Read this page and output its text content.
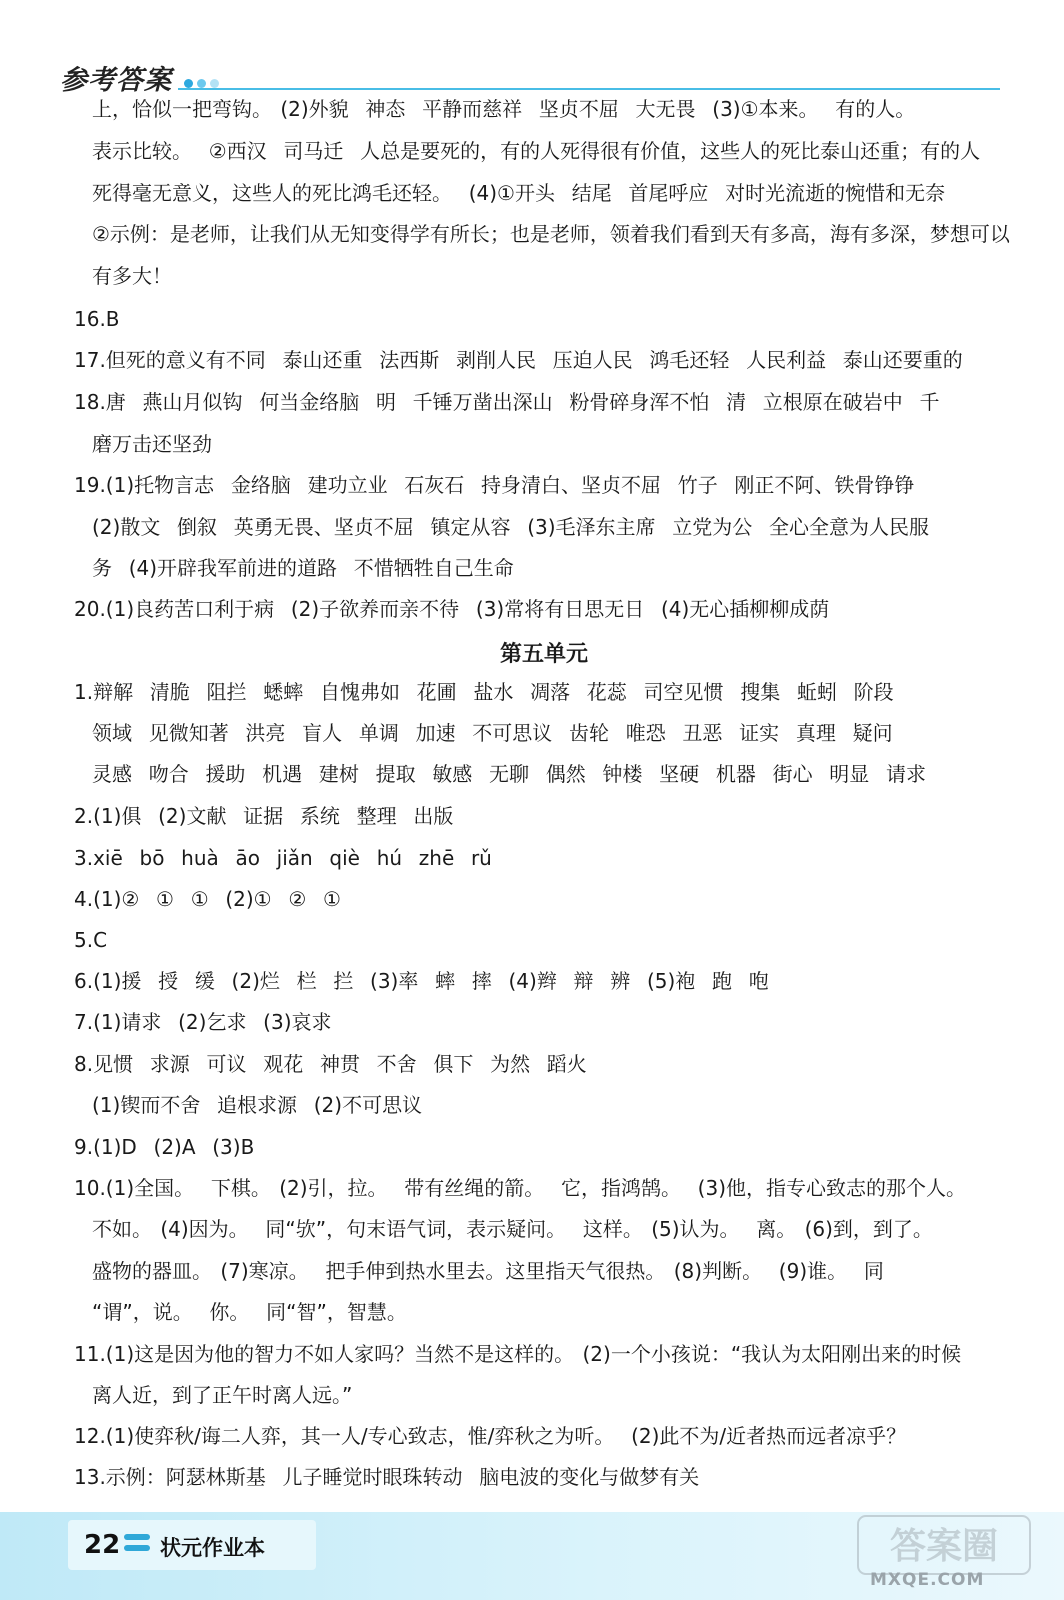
参考答案
上，恰似一把弯钩。 (2)外貌  神态  平静而慈祥  坚贞不屈  大无畏  (3)①本来。  有的人。
表示比较。  ②西汉  司马迁  人总是要死的，有的人死得很有价值，这些人的死比泰山还重；有的人
死得毫无意义，这些人的死比鸿毛还轻。  (4)①开头  结尾  首尾呼应  对时光流逝的惋惜和无奈
②示例：是老师，让我们从无知变得学有所长；也是老师，领着我们看到天有多高，海有多深，梦想可以
有多大！
16.B
17.但死的意义有不同  泰山还重  法西斯  剥削人民  压迫人民  鸿毛还轻  人民利益  泰山还要重的
18.唐  燕山月似钩  何当金络脑  明  千锤万凿出深山  粉骨碎身浑不怕  清  立根原在破岩中  千
磨万击还坚劲
19.(1)托物言志  金络脑  建功立业  石灰石  持身清白、坚贞不屈  竹子  刚正不阿、铁骨铮铮
(2)散文  倒叙  英勇无畏、坚贞不屈  镇定从容  (3)毛泽东主席  立党为公  全心全意为人民服
务  (4)开辟我军前进的道路  不惜牺牲自己生命
20.(1)良药苦口利于病  (2)子欲养而亲不待  (3)常将有日思无日  (4)无心插柳柳成荫
第五单元
1.辩解  清脆  阻拦  蟋蟀  自愧弗如  花圃  盐水  凋落  花蕊  司空见惯  搜集  蚯蚓  阶段
领域  见微知著  洪亮  盲人  单调  加速  不可思议  齿轮  唯恐  丑恶  证实  真理  疑问
灵感  吻合  援助  机遇  建树  提取  敏感  无聊  偶然  钟楼  坚硬  机器  街心  明显  请求
2.(1)俱  (2)文献  证据  系统  整理  出版
3.xiē  bō  huà  āo  jiǎn  qiè  hú  zhē  rǔ
4.(1)②  ①  ①  (2)①  ②  ①
5.C
6.(1)援  授  缓  (2)烂  栏  拦  (3)率  蟀  摔  (4)辫  辩  辨  (5)袍  跑  咆
7.(1)请求  (2)乞求  (3)哀求
8.见惯  求源  可议  观花  神贯  不舍  俱下  为然  蹈火
(1)锲而不舍  追根求源  (2)不可思议
9.(1)D  (2)A  (3)B
10.(1)全国。  下棋。 (2)引，拉。  带有丝绳的箭。  它，指鸿鹄。  (3)他，指专心致志的那个人。
不如。 (4)因为。  同“欤”，句末语气词，表示疑问。  这样。 (5)认为。  离。 (6)到，到了。
盛物的器皿。 (7)寒凉。  把手伸到热水里去。这里指天气很热。 (8)判断。  (9)谁。  同
“谓”，说。  你。  同“智”，智慧。
11.(1)这是因为他的智力不如人家吗？当然不是这样的。 (2)一个小孩说：“我认为太阳刚出来的时候
离人近，到了正午时离人远。”
12.(1)使弈秋/诲二人弈，其一人/专心致志，惟/弈秋之为听。  (2)此不为/近者热而远者凉乎？
13.示例：阿瑟林斯基  儿子睡觉时眼珠转动  脑电波的变化与做梦有关
22 状元作业本	答案圈
MXQE.COM
